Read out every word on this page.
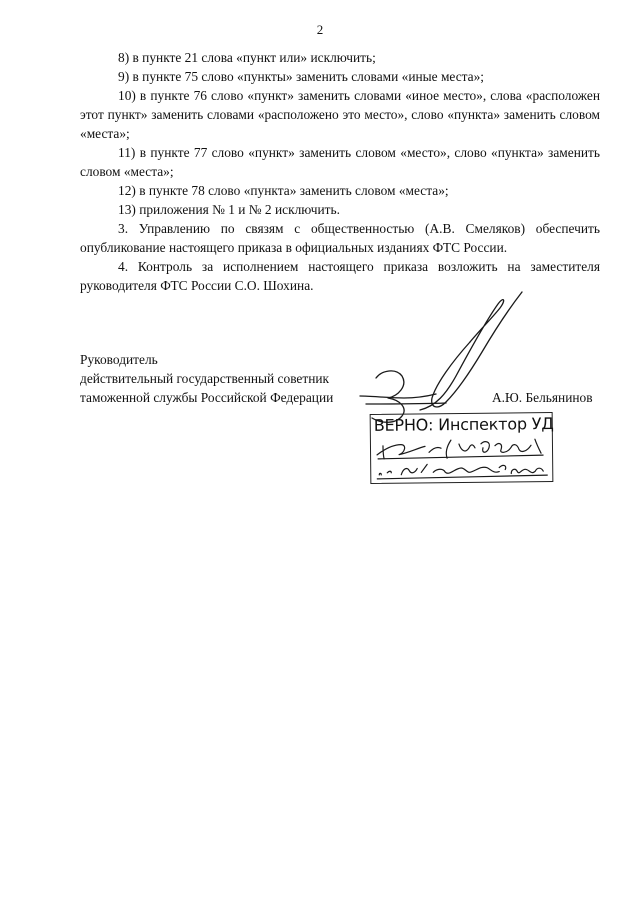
2

8) в пункте 21 слова «пункт или» исключить;

9) в пункте 75 слово «пункты» заменить словами «иные места»;

10) в пункте 76 слово «пункт» заменить словами «иное место», слова «расположен этот пункт» заменить словами «расположено это место», слово «пункта» заменить словом «места»;

11) в пункте 77 слово «пункт» заменить словом «место», слово «пункта» заменить словом «места»;

12) в пункте 78 слово «пункта» заменить словом «места»;

13) приложения № 1 и № 2 исключить.

3. Управлению по связям с общественностью (А.В. Смеляков) обеспечить опубликование настоящего приказа в официальных изданиях ФТС России.

4. Контроль за исполнением настоящего приказа возложить на заместителя руководителя ФТС России С.О. Шохина.

Руководитель
действительный государственный советник
таможенной службы Российской Федерации	А.Ю. Бельянинов
ВЕРНО: Инспектор УД
